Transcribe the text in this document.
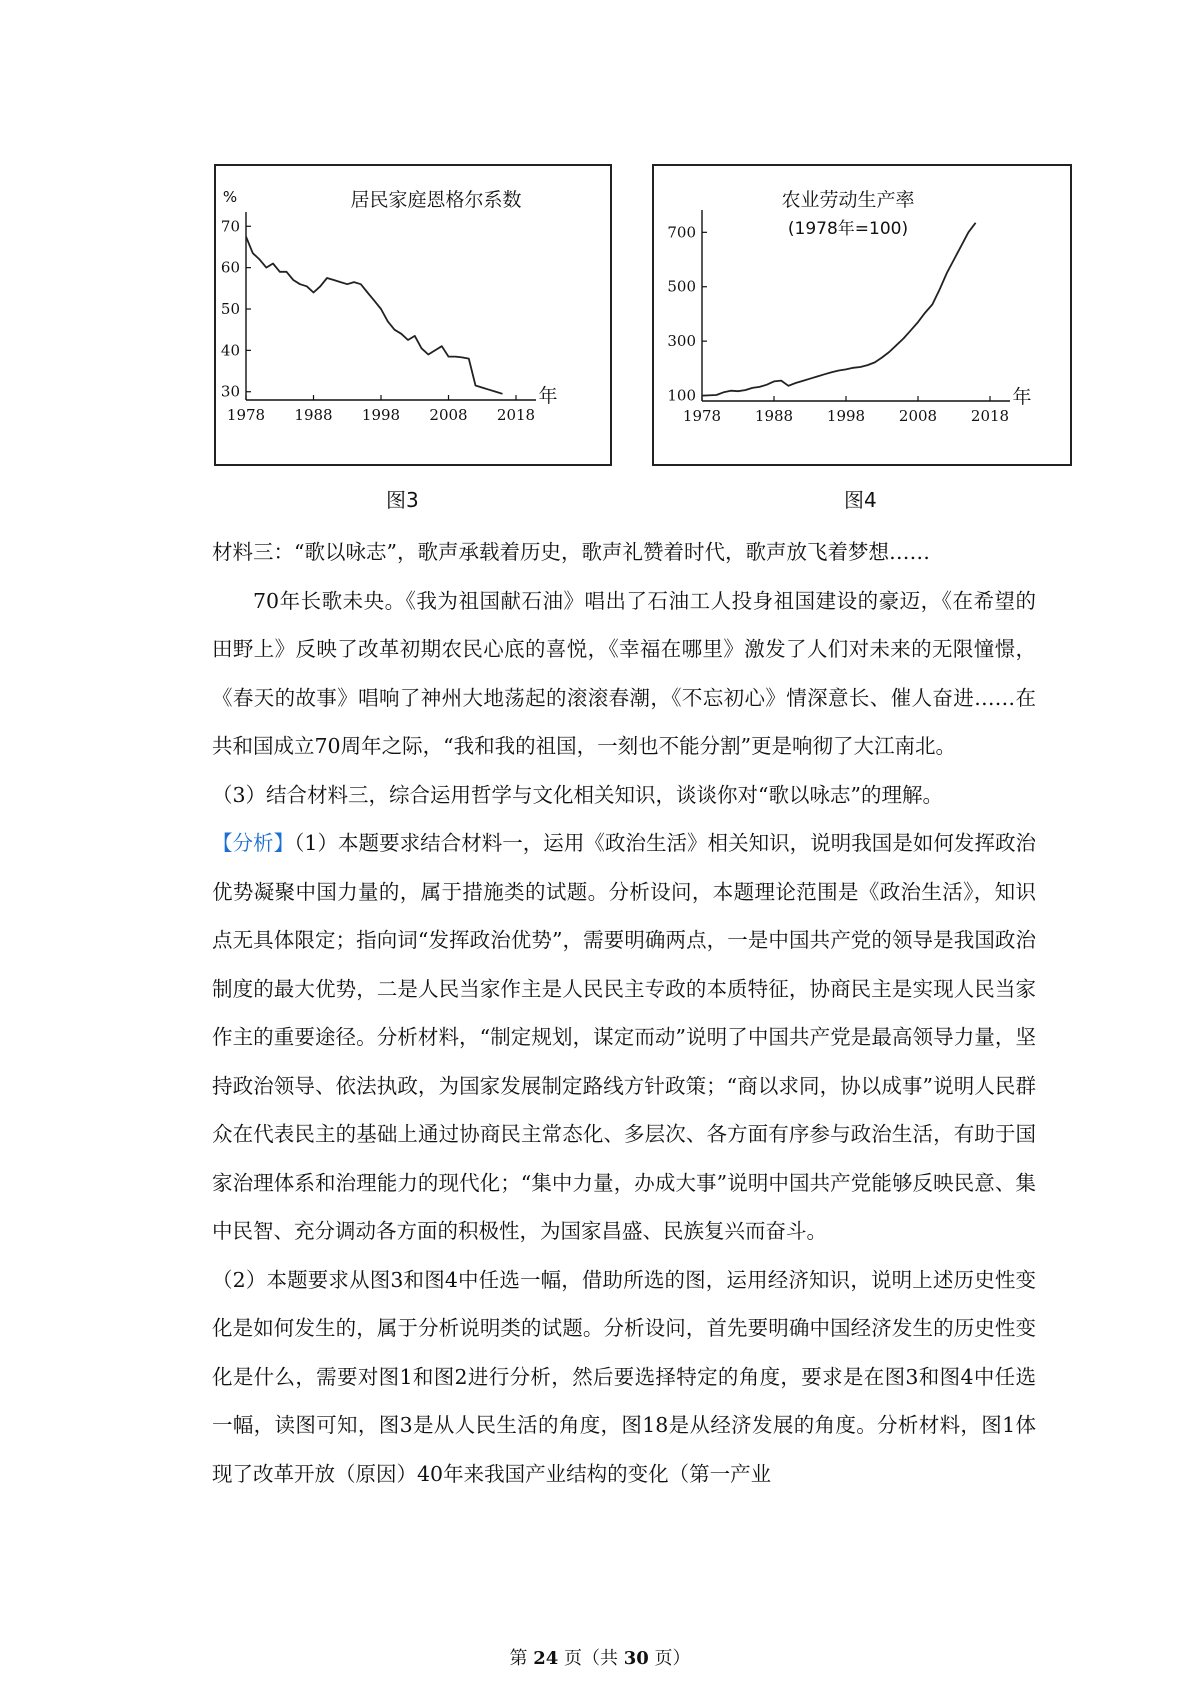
居民家庭恩格尔系数
%
年
70
60
50
40
30
1978 1988 1998 2008 2018
农业劳动生产率
(1978年=100)
年
700
500
300
100
1978 1988 1998 2008 2018
图3	图4

材料三：“歌以咏志”，歌声承载着历史，歌声礼赞着时代，歌声放飞着梦想……

70年长歌未央。《我为祖国献石油》唱出了石油工人投身祖国建设的豪迈，《在希望的田野上》反映了改革初期农民心底的喜悦，《幸福在哪里》激发了人们对未来的无限憧憬，《春天的故事》唱响了神州大地荡起的滚滚春潮，《不忘初心》情深意长、催人奋进……在共和国成立70周年之际，“我和我的祖国，一刻也不能分割”更是响彻了大江南北。

（3）结合材料三，综合运用哲学与文化相关知识，谈谈你对“歌以咏志”的理解。

【分析】（1）本题要求结合材料一，运用《政治生活》相关知识，说明我国是如何发挥政治优势凝聚中国力量的，属于措施类的试题。分析设问，本题理论范围是《政治生活》，知识点无具体限定；指向词“发挥政治优势”，需要明确两点，一是中国共产党的领导是我国政治制度的最大优势，二是人民当家作主是人民民主专政的本质特征，协商民主是实现人民当家作主的重要途径。分析材料，“制定规划，谋定而动”说明了中国共产党是最高领导力量，坚持政治领导、依法执政，为国家发展制定路线方针政策；“商以求同，协以成事”说明人民群众在代表民主的基础上通过协商民主常态化、多层次、各方面有序参与政治生活，有助于国家治理体系和治理能力的现代化；“集中力量，办成大事”说明中国共产党能够反映民意、集中民智、充分调动各方面的积极性，为国家昌盛、民族复兴而奋斗。

（2）本题要求从图3和图4中任选一幅，借助所选的图，运用经济知识，说明上述历史性变化是如何发生的，属于分析说明类的试题。分析设问，首先要明确中国经济发生的历史性变化是什么，需要对图1和图2进行分析，然后要选择特定的角度，要求是在图3和图4中任选一幅，读图可知，图3是从人民生活的角度，图18是从经济发展的角度。分析材料，图1体现了改革开放（原因）40年来我国产业结构的变化（第一产业

第 24 页（共 30 页）
